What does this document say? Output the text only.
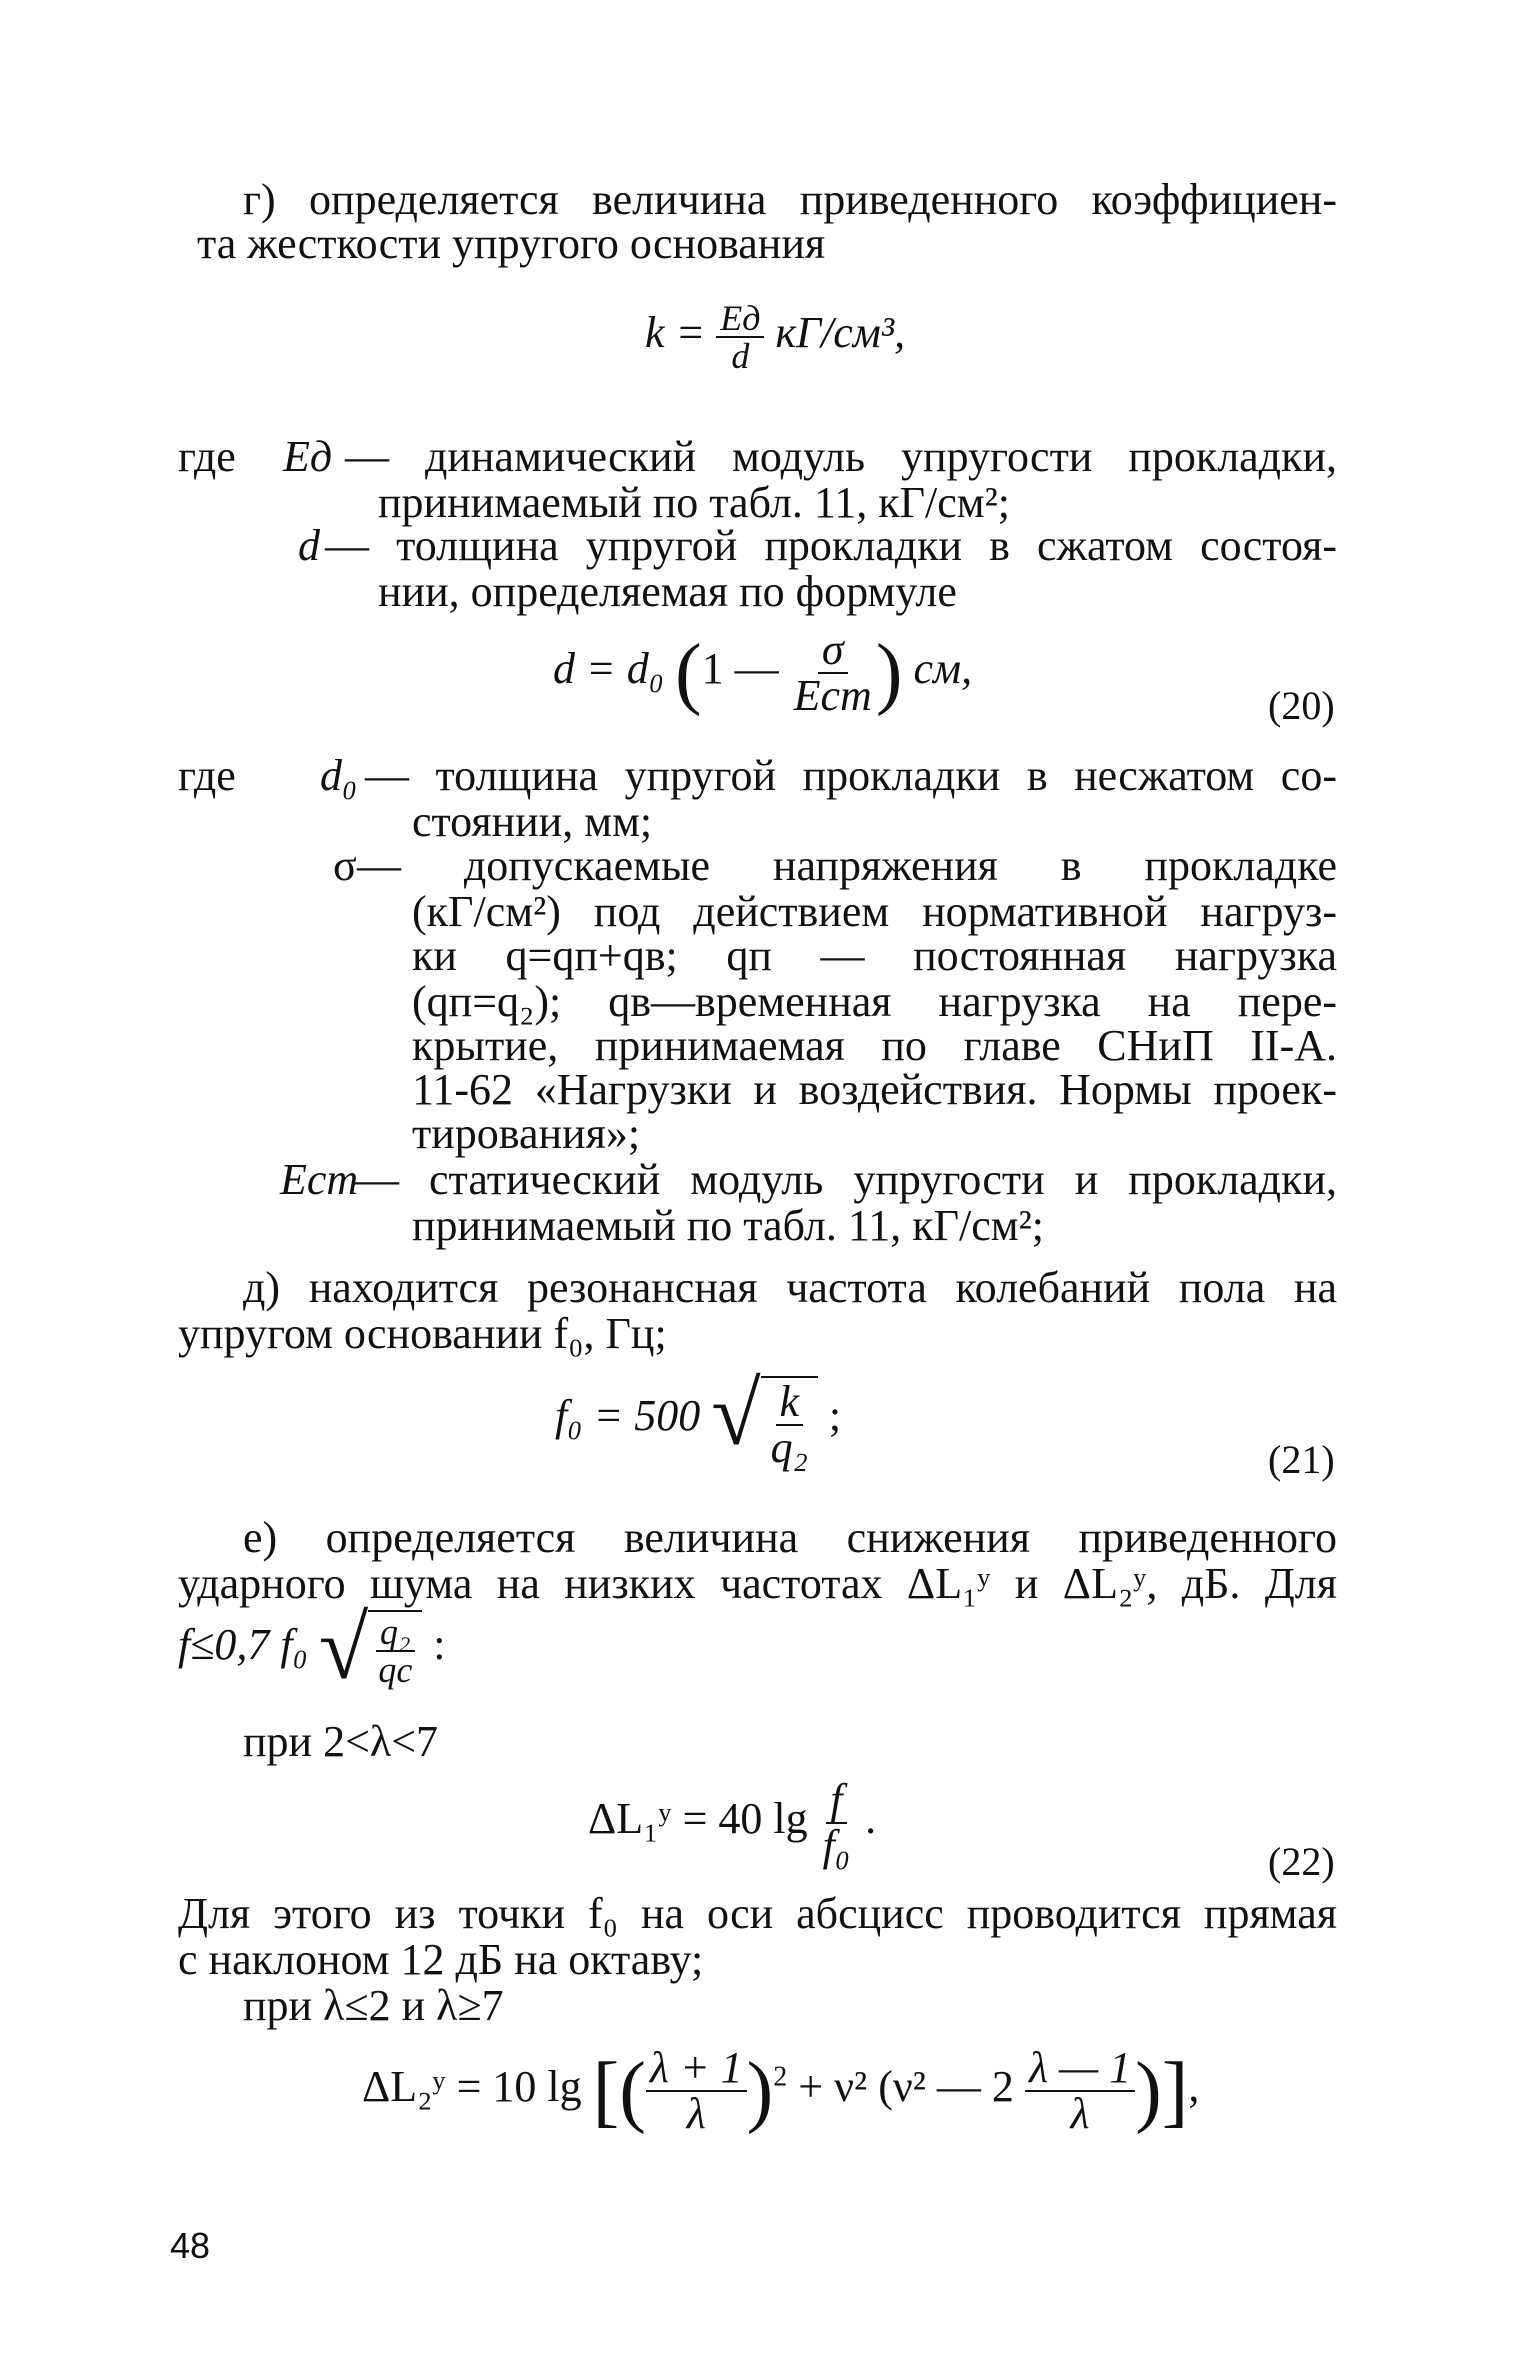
г) определяется величина приведенного коэффициен-

та жесткости упругого основания

k = Eд
d кГ/см³,

где Eд — динамический модуль упругости прокладки,

принимаемый по табл. 11, кГ/см²;

d — толщина упругой прокладки в сжатом состоя-

нии, определяемая по формуле

d = d₀ (1 — σ
Eст ) см,

(20)

где d₀ — толщина упругой прокладки в несжатом со-

стоянии, мм;

σ — допускаемые напряжения в прокладке

(кГ/см²) под действием нормативной нагруз-

ки q=qп+qв; qп — постоянная нагрузка

(qп=q₂); qв—временная нагрузка на пере-

крытие, принимаемая по главе СНиП II-А.

11-62 «Нагрузки и воздействия. Нормы проек-

тирования»;

Eст

— статический модуль упругости и прокладки,

принимаемый по табл. 11, кГ/см²;

д) находится резонансная частота колебаний пола на

упругом основании f₀, Гц;

f₀ = 500 √ $\frac{k}{\text{q₂}}$ ;

(21)

е) определяется величина снижения приведенного

ударного шума на низких частотах ΔL₁ʸ и ΔL₂ʸ, дБ. Для

f≤0,7 f₀ √ q₂
qс
:

при 2<λ<7

ΔL₁ʸ = 40 $\lg \frac{f}{\text{f₀}}$ .

(22)

Для этого из точки f₀ на оси абсцисс проводится прямая

с наклоном 12 дБ на октаву;

при λ≤2 и λ≥7

ΔL₂ʸ = 10 lg [( $\frac{\lambda + 1}{\lambda} )^2 + \nu^2$ (ν² — $2 \frac{\lambda — 1}{\lambda}$ )],

48
